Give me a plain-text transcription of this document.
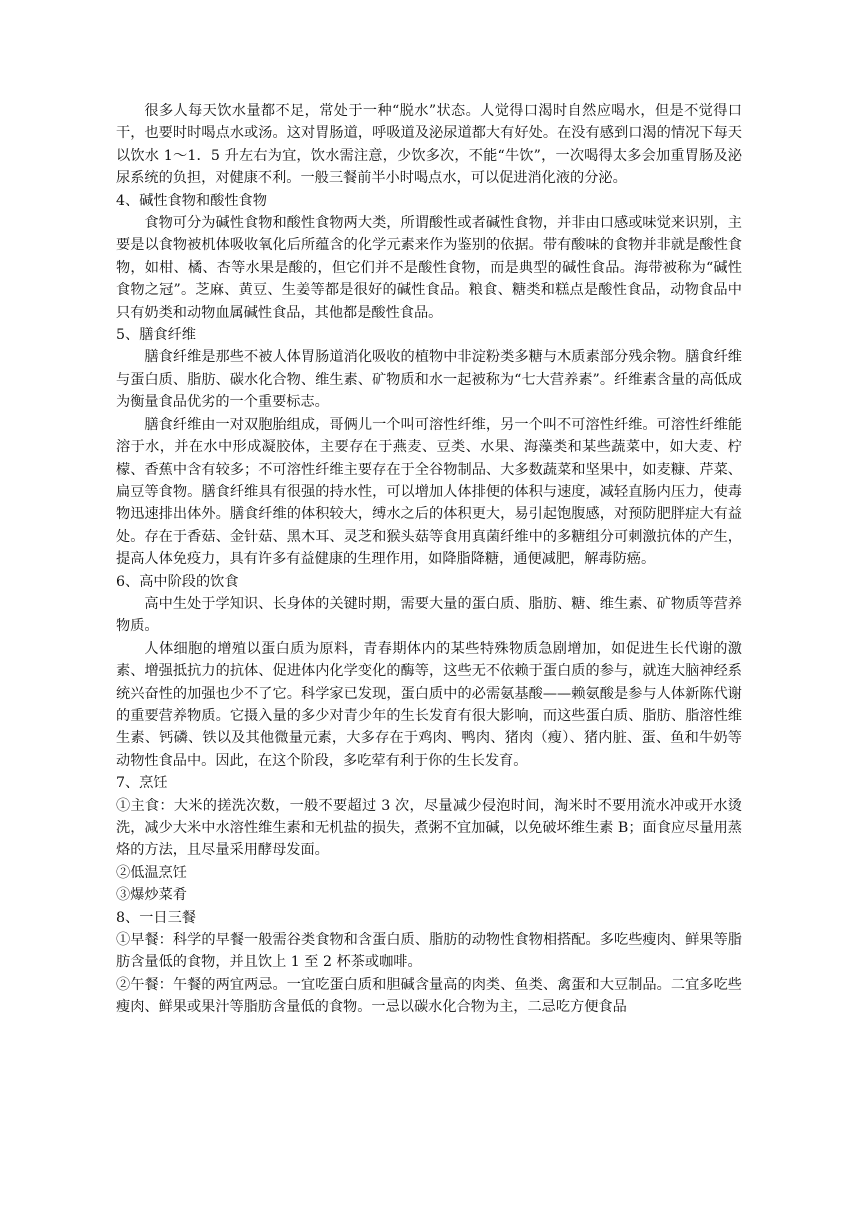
很多人每天饮水量都不足，常处于一种“脱水”状态。人觉得口渴时自然应喝水，但是不觉得口干，也要时时喝点水或汤。这对胃肠道，呼吸道及泌尿道都大有好处。在没有感到口渴的情况下每天以饮水 1～1．5 升左右为宜，饮水需注意，少饮多次，不能“牛饮”，一次喝得太多会加重胃肠及泌尿系统的负担，对健康不利。一般三餐前半小时喝点水，可以促进消化液的分泌。

4、碱性食物和酸性食物

食物可分为碱性食物和酸性食物两大类，所谓酸性或者碱性食物，并非由口感或味觉来识别，主要是以食物被机体吸收氧化后所蕴含的化学元素来作为鉴别的依据。带有酸味的食物并非就是酸性食物，如柑、橘、杏等水果是酸的，但它们并不是酸性食物，而是典型的碱性食品。海带被称为“碱性食物之冠”。芝麻、黄豆、生姜等都是很好的碱性食品。粮食、糖类和糕点是酸性食品，动物食品中只有奶类和动物血属碱性食品，其他都是酸性食品。

5、膳食纤维

膳食纤维是那些不被人体胃肠道消化吸收的植物中非淀粉类多糖与木质素部分残余物。膳食纤维与蛋白质、脂肪、碳水化合物、维生素、矿物质和水一起被称为“七大营养素”。纤维素含量的高低成为衡量食品优劣的一个重要标志。

膳食纤维由一对双胞胎组成，哥俩儿一个叫可溶性纤维，另一个叫不可溶性纤维。可溶性纤维能溶于水，并在水中形成凝胶体，主要存在于燕麦、豆类、水果、海藻类和某些蔬菜中，如大麦、柠檬、香蕉中含有较多；不可溶性纤维主要存在于全谷物制品、大多数蔬菜和坚果中，如麦糠、芹菜、扁豆等食物。膳食纤维具有很强的持水性，可以增加人体排便的体积与速度，减轻直肠内压力，使毒物迅速排出体外。膳食纤维的体积较大，缚水之后的体积更大，易引起饱腹感，对预防肥胖症大有益处。存在于香菇、金针菇、黑木耳、灵芝和猴头菇等食用真菌纤维中的多糖组分可刺激抗体的产生，提高人体免疫力，具有许多有益健康的生理作用，如降脂降糖，通便减肥，解毒防癌。

6、高中阶段的饮食

高中生处于学知识、长身体的关键时期，需要大量的蛋白质、脂肪、糖、维生素、矿物质等营养物质。

人体细胞的增殖以蛋白质为原料，青春期体内的某些特殊物质急剧增加，如促进生长代谢的激素、增强抵抗力的抗体、促进体内化学变化的酶等，这些无不依赖于蛋白质的参与，就连大脑神经系统兴奋性的加强也少不了它。科学家已发现，蛋白质中的必需氨基酸——赖氨酸是参与人体新陈代谢的重要营养物质。它摄入量的多少对青少年的生长发育有很大影响，而这些蛋白质、脂肪、脂溶性维生素、钙磷、铁以及其他微量元素，大多存在于鸡肉、鸭肉、猪肉（瘦）、猪内脏、蛋、鱼和牛奶等动物性食品中。因此，在这个阶段，多吃荤有利于你的生长发育。

7、烹饪

①主食：大米的搓洗次数，一般不要超过 3 次，尽量减少侵泡时间，淘米时不要用流水冲或开水烫洗，减少大米中水溶性维生素和无机盐的损失，煮粥不宜加碱，以免破坏维生素 B；面食应尽量用蒸烙的方法，且尽量采用酵母发面。

②低温烹饪

③爆炒菜肴

8、一日三餐

①早餐：科学的早餐一般需谷类食物和含蛋白质、脂肪的动物性食物相搭配。多吃些瘦肉、鲜果等脂肪含量低的食物，并且饮上 1 至 2 杯茶或咖啡。

②午餐：午餐的两宜两忌。一宜吃蛋白质和胆碱含量高的肉类、鱼类、禽蛋和大豆制品。二宜多吃些瘦肉、鲜果或果汁等脂肪含量低的食物。一忌以碳水化合物为主，二忌吃方便食品
